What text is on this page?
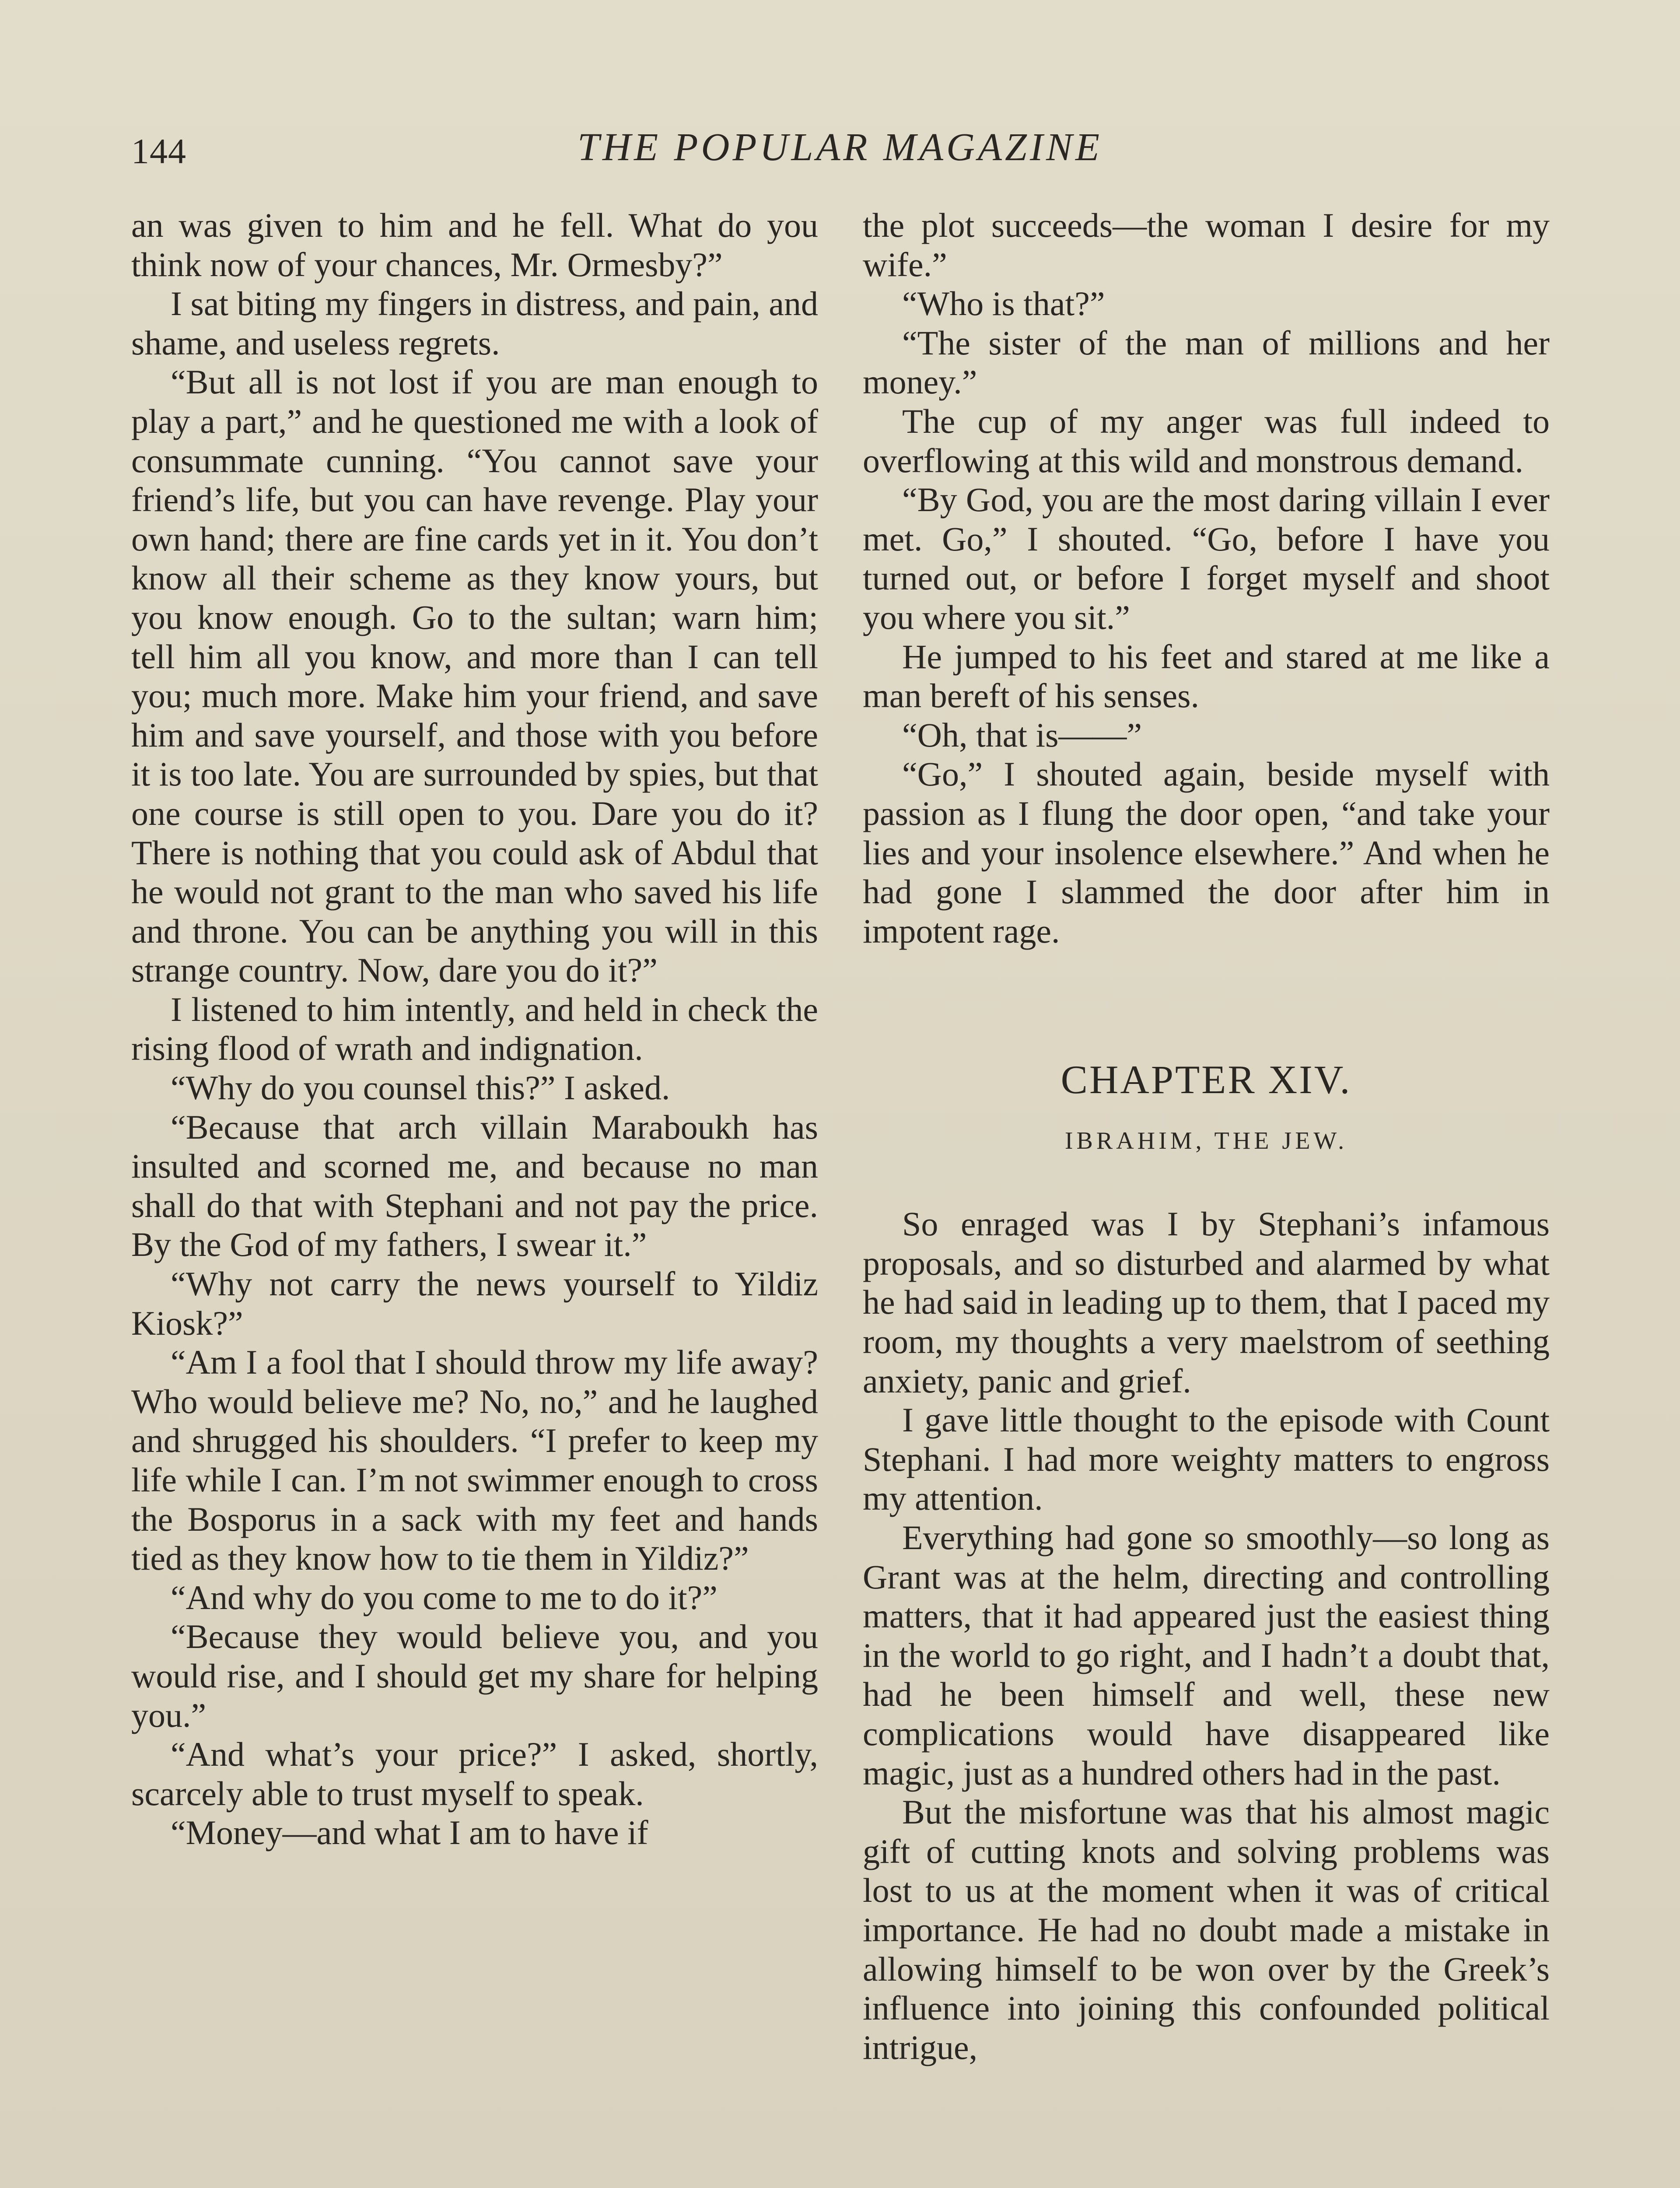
144	THE POPULAR MAGAZINE

an was given to him and he fell. What do you think now of your chances, Mr. Ormesby?”

I sat biting my fingers in distress, and pain, and shame, and useless regrets.

“But all is not lost if you are man enough to play a part,” and he questioned me with a look of consummate cunning. “You cannot save your friend’s life, but you can have revenge. Play your own hand; there are fine cards yet in it. You don’t know all their scheme as they know yours, but you know enough. Go to the sultan; warn him; tell him all you know, and more than I can tell you; much more. Make him your friend, and save him and save yourself, and those with you before it is too late. You are surrounded by spies, but that one course is still open to you. Dare you do it? There is nothing that you could ask of Abdul that he would not grant to the man who saved his life and throne. You can be anything you will in this strange country. Now, dare you do it?”

I listened to him intently, and held in check the rising flood of wrath and indignation.

“Why do you counsel this?” I asked.

“Because that arch villain Maraboukh has insulted and scorned me, and because no man shall do that with Stephani and not pay the price. By the God of my fathers, I swear it.”

“Why not carry the news yourself to Yildiz Kiosk?”

“Am I a fool that I should throw my life away? Who would believe me? No, no,” and he laughed and shrugged his shoulders. “I prefer to keep my life while I can. I’m not swimmer enough to cross the Bosporus in a sack with my feet and hands tied as they know how to tie them in Yildiz?”

“And why do you come to me to do it?”

“Because they would believe you, and you would rise, and I should get my share for helping you.”

“And what’s your price?” I asked, shortly, scarcely able to trust myself to speak.

“Money—and what I am to have if

the plot succeeds—the woman I desire for my wife.”

“Who is that?”

“The sister of the man of millions and her money.”

The cup of my anger was full indeed to overflowing at this wild and monstrous demand.

“By God, you are the most daring villain I ever met. Go,” I shouted. “Go, before I have you turned out, or before I forget myself and shoot you where you sit.”

He jumped to his feet and stared at me like a man bereft of his senses.

“Oh, that is——”

“Go,” I shouted again, beside myself with passion as I flung the door open, “and take your lies and your insolence elsewhere.” And when he had gone I slammed the door after him in impotent rage.

CHAPTER XIV.
IBRAHIM, THE JEW.

So enraged was I by Stephani’s infamous proposals, and so disturbed and alarmed by what he had said in leading up to them, that I paced my room, my thoughts a very maelstrom of seething anxiety, panic and grief.

I gave little thought to the episode with Count Stephani. I had more weighty matters to engross my attention.

Everything had gone so smoothly—so long as Grant was at the helm, directing and controlling matters, that it had appeared just the easiest thing in the world to go right, and I hadn’t a doubt that, had he been himself and well, these new complications would have disappeared like magic, just as a hundred others had in the past.

But the misfortune was that his almost magic gift of cutting knots and solving problems was lost to us at the moment when it was of critical importance. He had no doubt made a mistake in allowing himself to be won over by the Greek’s influence into joining this confounded political intrigue,
